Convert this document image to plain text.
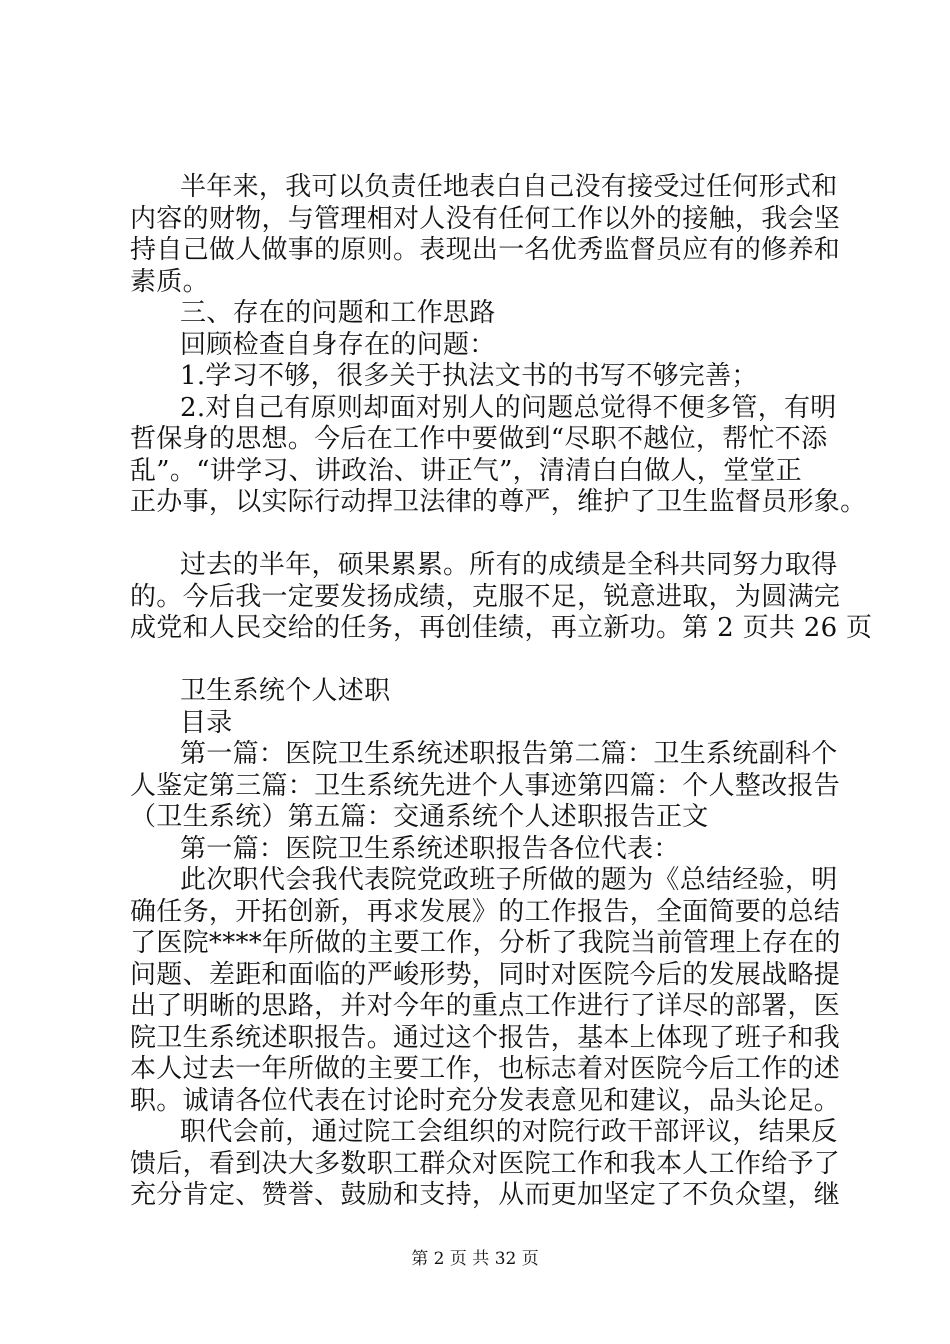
半年来，我可以负责任地表白自己没有接受过任何形式和
内容的财物，与管理相对人没有任何工作以外的接触，我会坚
持自己做人做事的原则。表现出一名优秀监督员应有的修养和
素质。
三、存在的问题和工作思路
回顾检查自身存在的问题：
1.学习不够，很多关于执法文书的书写不够完善；
2.对自己有原则却面对别人的问题总觉得不便多管，有明
哲保身的思想。今后在工作中要做到“尽职不越位，帮忙不添
乱”。“讲学习、讲政治、讲正气”，清清白白做人，堂堂正
正办事，以实际行动捍卫法律的尊严，维护了卫生监督员形象。
过去的半年，硕果累累。所有的成绩是全科共同努力取得
的。今后我一定要发扬成绩，克服不足，锐意进取，为圆满完
成党和人民交给的任务，再创佳绩，再立新功。第 2 页共 26 页
卫生系统个人述职
目录
第一篇：医院卫生系统述职报告第二篇：卫生系统副科个
人鉴定第三篇：卫生系统先进个人事迹第四篇：个人整改报告
（卫生系统）第五篇：交通系统个人述职报告正文
第一篇：医院卫生系统述职报告各位代表：
此次职代会我代表院党政班子所做的题为《总结经验，明
确任务，开拓创新，再求发展》的工作报告，全面简要的总结
了医院****年所做的主要工作，分析了我院当前管理上存在的
问题、差距和面临的严峻形势，同时对医院今后的发展战略提
出了明晰的思路，并对今年的重点工作进行了详尽的部署，医
院卫生系统述职报告。通过这个报告，基本上体现了班子和我
本人过去一年所做的主要工作，也标志着对医院今后工作的述
职。诚请各位代表在讨论时充分发表意见和建议，品头论足。
职代会前，通过院工会组织的对院行政干部评议，结果反
馈后，看到决大多数职工群众对医院工作和我本人工作给予了
充分肯定、赞誉、鼓励和支持，从而更加坚定了不负众望，继
第 2 页 共 32 页
